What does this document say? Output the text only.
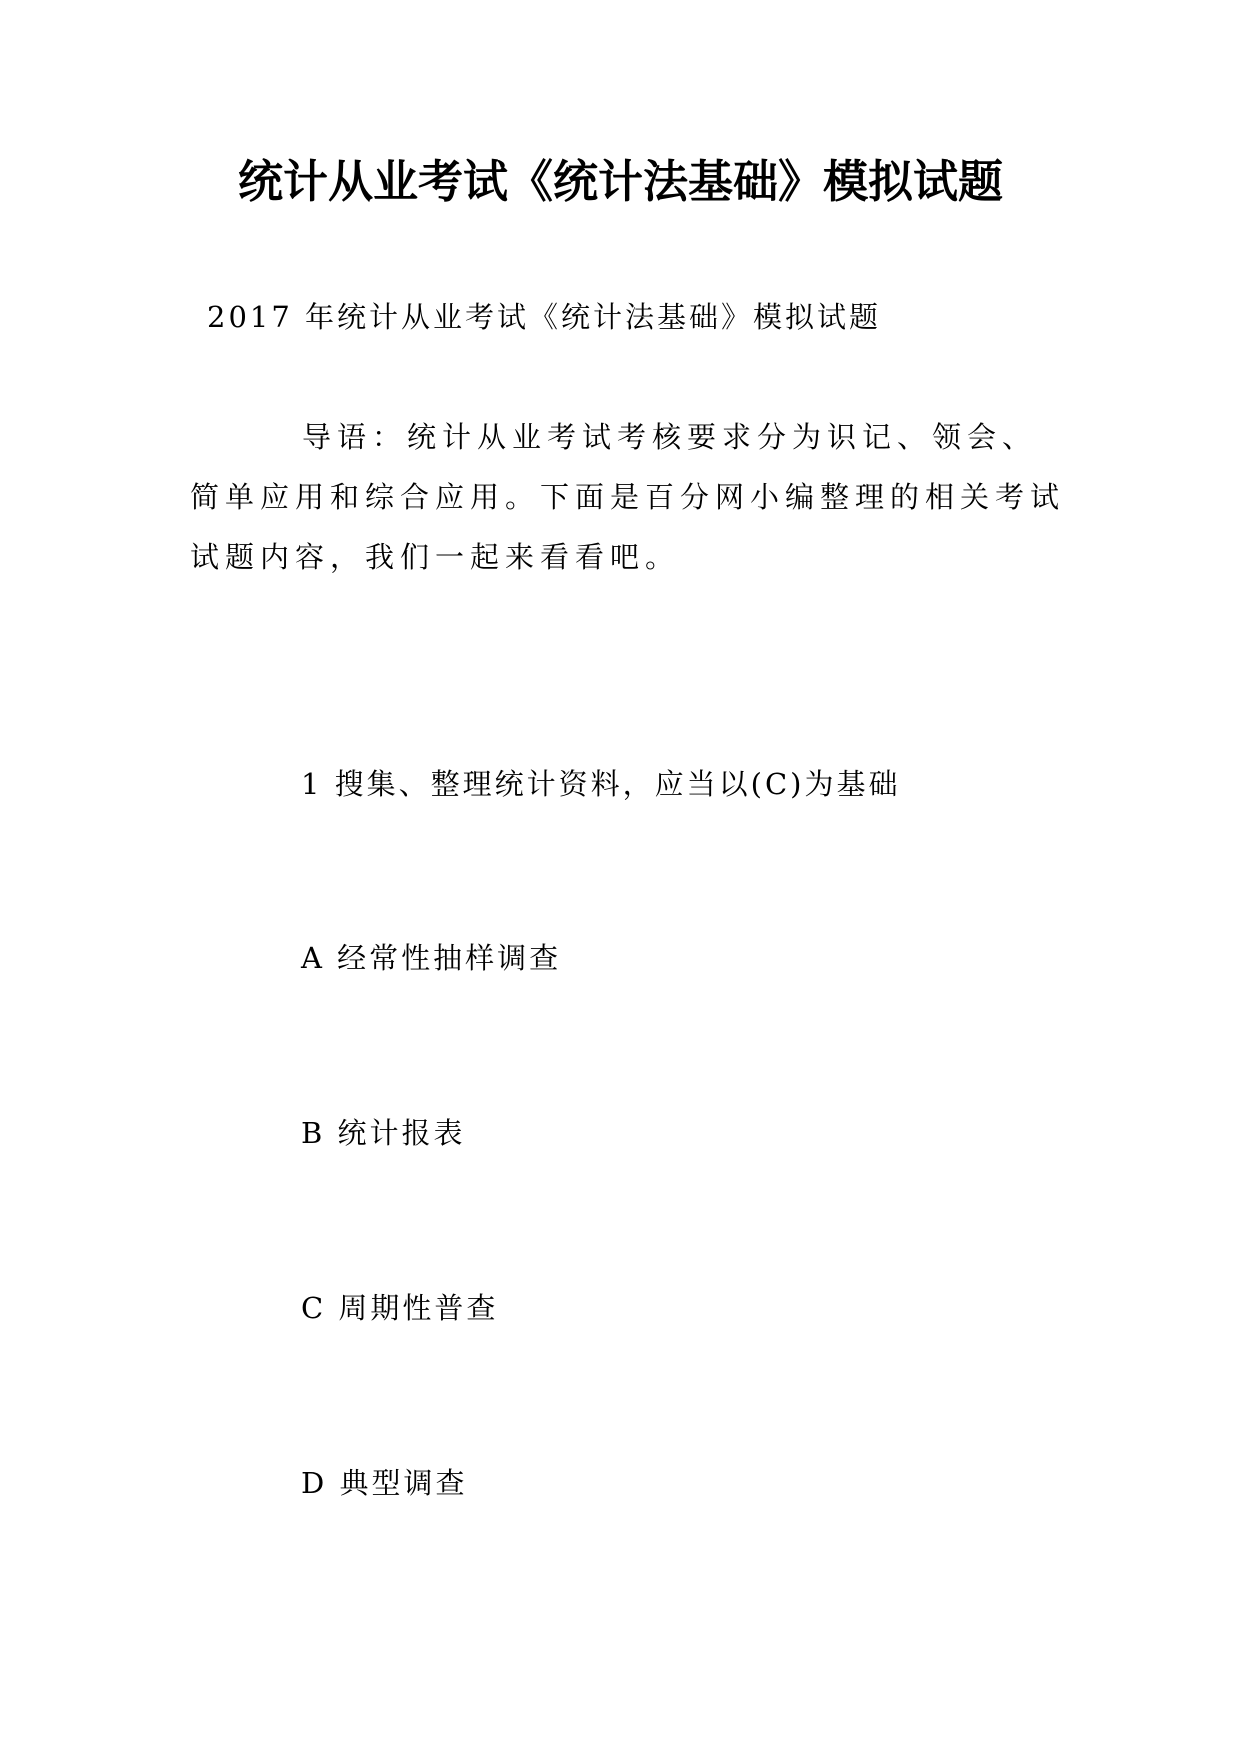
统计从业考试《统计法基础》模拟试题
2017 年统计从业考试《统计法基础》模拟试题

导语：统计从业考试考核要求分为识记、领会、简单应用和综合应用。下面是百分网小编整理的相关考试试题内容，我们一起来看看吧。

1 搜集、整理统计资料，应当以(C)为基础
A 经常性抽样调查
B 统计报表
C 周期性普查
D 典型调查
